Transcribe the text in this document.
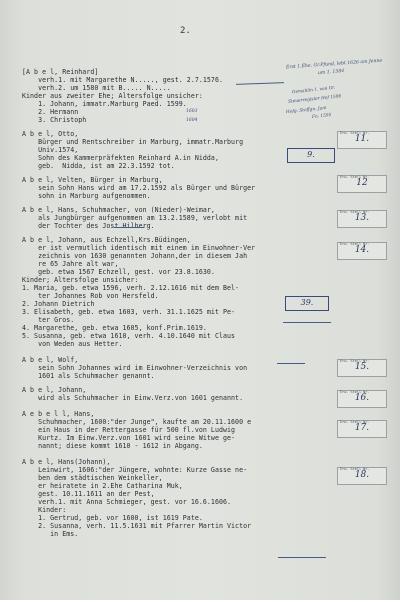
2.
[A b e l, Reinhard]
verh.1. mit Margarethe N....., gest. 2.7.1576.
verh.2. um 1580 mit B..... N.....
Kinder aus zweiter Ehe; Altersfolge unsicher:
1. Johann, immatr.Marburg Paed. 1599.
2. Hermann
3. Christoph
A b e l, Otto,
Bürger und Rentschreiber in Marburg, immatr.Marburg
Univ.1574,
Sohn des Kammerpräfekten Reinhard A.in Nidda,
geb.  Nidda, ist am 22.3.1592 tot.
A b e l, Velten, Bürger in Marburg,
sein Sohn Hans wird am 17.2.1592 als Bürger und Bürger
sohn in Marburg aufgenommen.
A b e l, Hans, Schuhmacher, von (Nieder)-Weimar,
als Jungbürger aufgenommen am 13.2.1589, verlobt mit
der Tochter des Jost Hilberg.
A b e l, Johann, aus Echzell,Krs.Büdingen,
er ist vermutlich identisch mit einem im Einwohner-Ver
zeichnis von 1630 genannten Johann,der in diesem Jah
re 65 Jahre alt war,
geb. etwa 1567 Echzell, gest. vor 23.8.1630.
Kinder; Altersfolge unsicher:
1. Maria, geb. etwa 1596, verh. 2.12.1616 mit dem Bel-
ter Johannes Rob von Hersfeld.
2. Johann Dietrich
3. Elisabeth, geb. etwa 1603, verh. 31.1.1625 mit Pe-
ter Gros.
4. Margarethe, geb. etwa 1605, konf.Prim.1619.
5. Susanna, geb. etwa 1610, verh. 4.10.1640 mit Claus
von Weden aus Hetter.
A b e l, Wolf,
sein Sohn Johannes wird im Einwohner-Verzeichnis von
1601 als Schuhmacher genannt.
A b e l, Johann,
wird als Schuhmacher in Einw.Verz.von 1601 genannt.
A e b e l l, Hans,
Schuhmacher, 1600:"der Junge", kaufte am 20.11.1600 e
ein Haus in der Rettergasse für 500 fl.von Ludwig
Kurtz. Im Einw.Verz.von 1601 wird seine Witwe ge-
nannt; diese kommt 1610 - 1612 in Abgang.
A b e l, Hans(Johann),
Leinwirt, 1606:"der Jüngere, wohnte: Kurze Gasse ne-
ben dem städtischen Weinkeller,
er heiratete in 2.Ehe Catharina Muk,
gest. 10.11.1611 an der Pest,
verh.1. mit Anna Schmieger, gest. vor 16.6.1606.
Kinder:
1. Gertrud, geb. vor 1600, ist 1619 Pate.
2. Susanna, verh. 11.5.1631 mit Pfarrer Martin Victor
in Ems.
Erst 1.Ehe. Gr.Pfund, lebt 1626 am Jenne
um 1. 1584
Gemahlin 1. von Gr.
Steuerregister Hof 1596
Hofg. Stoffgn. Juni
Fn. 1595
1603
1604
9.
39.
Erw. Stell Nr.
11.
Erw. Stell Nr.
12
Erw. Stell Nr.
13.
Erw. Stell Nr.
14.
Erw. Stell Nr.
15.
Erw. Stell Nr.
16.
Erw. Stell Nr.
17.
Erw. Stell Nr.
18.
